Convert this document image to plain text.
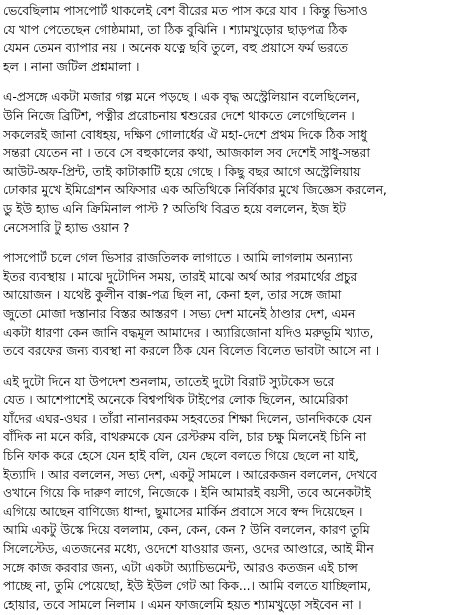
ভেবেছিলাম পাসপোর্ট থাকলেই বেশ বীরের মত পাস করে যাব । কিন্তু ভিসাও
যে খাপ পেতেছেন গোষ্ঠমামা, তা ঠিক বুঝিনি । শ্যামখুড়োর ছাড়পত্র ঠিক
যেমন তেমন ব্যাপার নয় । অনেক যত্নে ছবি তুলে, বহু প্রয়াসে ফর্ম ভরতে
হল । নানা জটিল প্রশ্নমালা ।
এ-প্রসঙ্গে একটা মজার গল্প মনে পড়ছে । এক বৃদ্ধ অস্ট্রেলিয়ান বলেছিলেন,
উনি নিজে ব্রিটিশ, পত্নীর প্ররোচনায় শ্বশুরের দেশে থাকতে লেগেছিলেন ।
সকলেরই জানা বোধহয়, দক্ষিণ গোলার্ধের ঐ মহা-দেশে প্রথম দিকে ঠিক সাধু
সন্তরা যেতেন না । তবে সে বহুকালের কথা, আজকাল সব দেশেই সাধু-সন্তরা
আউট-অফ-প্রিন্ট, তাই কাটাকাটি হয়ে গেছে । কিছু বছর আগে অস্ট্রেলিয়ায়
ঢোকার মুখে ইমিগ্রেশন অফিসার এক অতিথিকে নির্বিকার মুখে জিজ্ঞেস করলেন,
ডু ইউ হ্যাভ এনি ক্রিমিনাল পাস্ট ? অতিথি বিব্রত হয়ে বললেন, ইজ ইট
নেসেসারি টু হ্যাভ ওয়ান ?
পাসপোর্ট চলে গেল ভিসার রাজতিলক লাগাতে । আমি লাগলাম অন্যান্য
ইতর ব্যবস্থায় । মাঝে দুটোদিন সময়, তারই মাঝে অর্থ আর পরমার্থের প্রচুর
আয়োজন । যথেষ্ট কুলীন বাক্স-পত্র ছিল না, কেনা হল, তার সঙ্গে জামা
জুতো মোজা দস্তানার বিস্তর আস্তরণ । সভ্য দেশ মানেই ঠাণ্ডার দেশ, এমন
একটা ধারণা কেন জানি বদ্ধমূল আমাদের । অ্যারিজোনা যদিও মরুভূমি খ্যাত,
তবে বরফের জন্য ব্যবস্থা না করলে ঠিক যেন বিলেত বিলেত ভাবটা আসে না ।
এই দুটো দিনে যা উপদেশ শুনলাম, তাতেই দুটো বিরাট স্যুটকেস ভরে
যেত । আশেপাশেই অনেকে বিশ্বপথিক টাইপের লোক ছিলেন, আমেরিকা
যাঁদের এঘর-ওঘর । তাঁরা নানানরকম সহবতের শিক্ষা দিলেন, ডানদিককে যেন
বাঁদিক না মনে করি, বাথরুমকে যেন রেস্টরুম বলি, চার চক্ষু মিলনেই চিনি না
চিনি ফাক করে হেসে যেন হাই বলি, যেন ছেলে বলতে গিয়ে ছেলে না যাই,
ইত্যাদি । আর বললেন, সভ্য দেশ, একটু সামলে । আরেকজন বললেন, দেখবে
ওখানে গিয়ে কি দারুণ লাগে, নিজেকে । ইনি আমারই বয়সী, তবে অনেকটাই
এগিয়ে আছেন বাণিজ্যে ধান্দা, ছুমাসের মার্কিন প্রবাসে সবে স্বন্দ দিয়েছেন ।
আমি একটু উস্কে দিয়ে বললাম, কেন, কেন, কেন ? উনি বললেন, কারণ তুমি
সিলেস্টেড, এতজনের মধ্যে, ওদেশে যাওয়ার জন্য, ওদের আণ্ডারে, আই মীন
সঙ্গে কাজ করবার জন্য, এটা একটা অ্যাচিভমেন্ট, আরও কতজন এই চান্স
পাচ্ছে না, তুমি পেয়েছো, ইউ ইউল গেট আ কিক...। আমি বলতে যাচ্ছিলাম,
হোয়ার, তবে সামলে নিলাম । এমন ফাজলেমি হয়ত শ্যামখুড়ো সইবেন না ।
